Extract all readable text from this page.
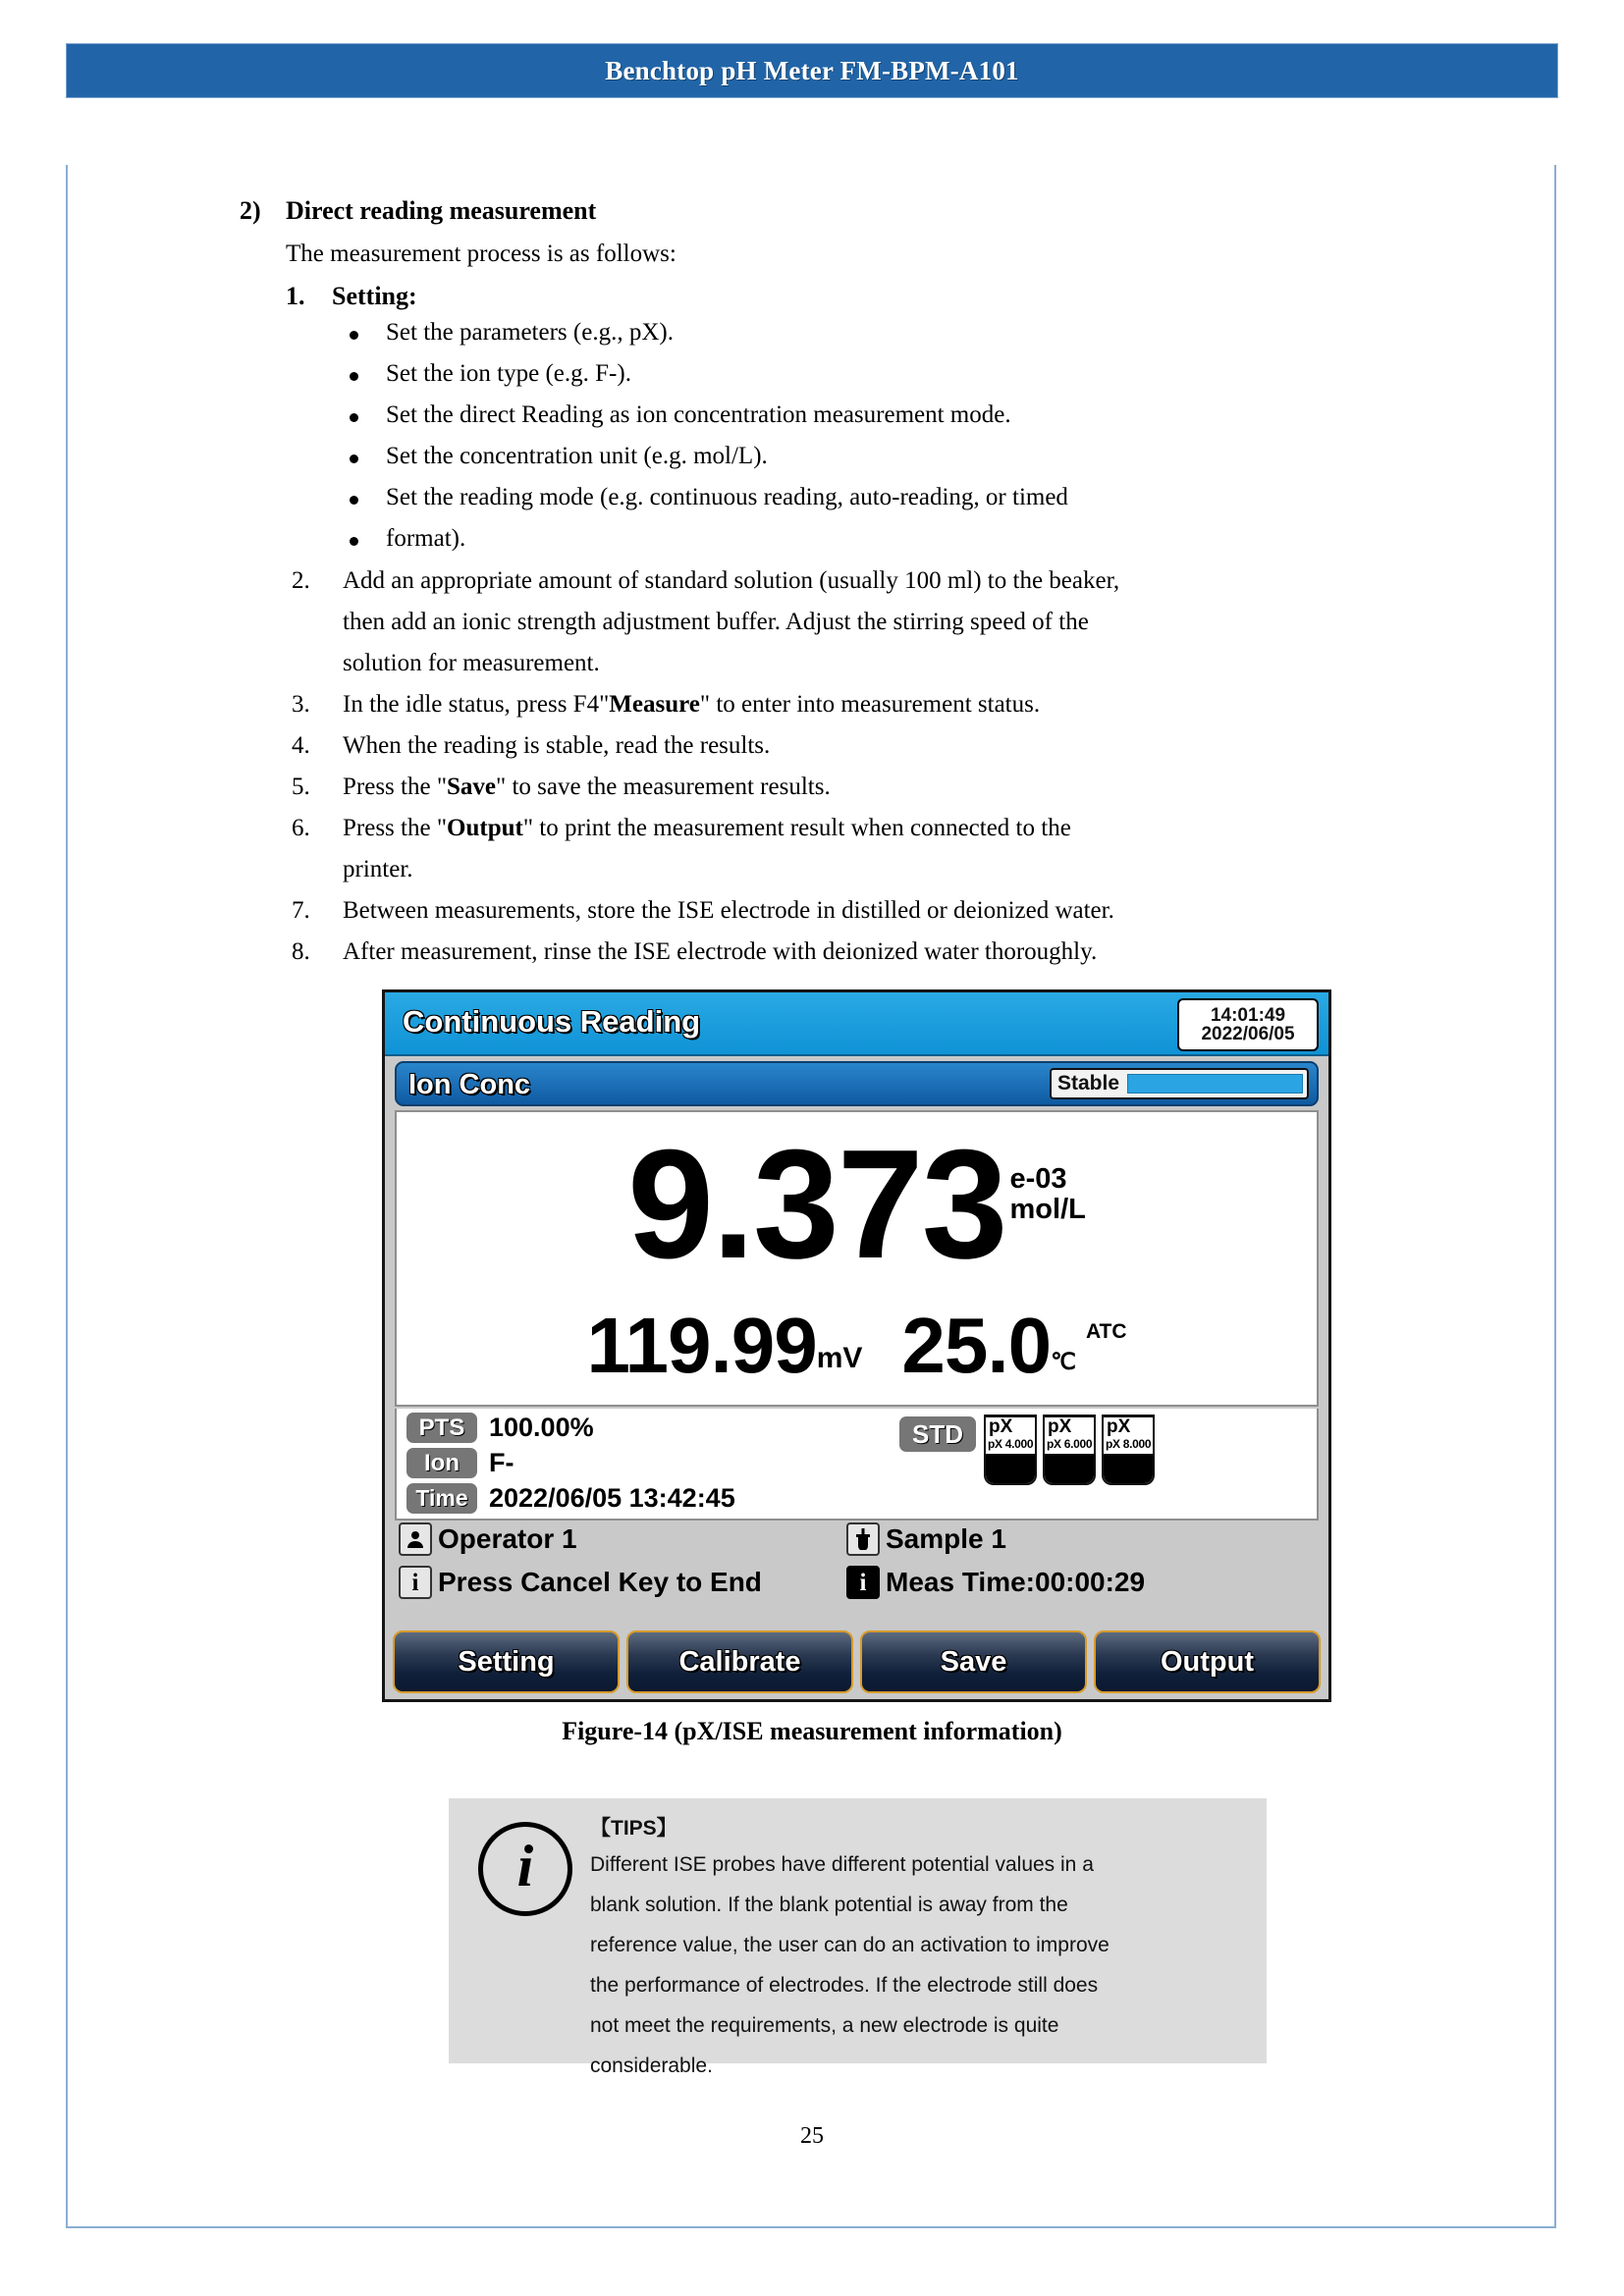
Benchtop pH Meter FM-BPM-A101
2) Direct reading measurement
The measurement process is as follows:
1. Setting:
Set the parameters (e.g., pX).
Set the ion type (e.g. F-).
Set the direct Reading as ion concentration measurement mode.
Set the concentration unit (e.g. mol/L).
Set the reading mode (e.g. continuous reading, auto-reading, or timed
format).
2. Add an appropriate amount of standard solution (usually 100 ml) to the beaker,
then add an ionic strength adjustment buffer. Adjust the stirring speed of the
solution for measurement.
3. In the idle status, press F4"Measure" to enter into measurement status.
4. When the reading is stable, read the results.
5. Press the "Save" to save the measurement results.
6. Press the "Output" to print the measurement result when connected to the
printer.
7. Between measurements, store the ISE electrode in distilled or deionized water.
8. After measurement, rinse the ISE electrode with deionized water thoroughly.
Continuous Reading	14:01:49
2022/06/05
Ion Conc	Stable
9.373 e-03
mol/L
119.99 mV 25.0 ℃
ATC
PTS 100.00%
Ion	F-
Time 2022/06/05 13:42:45
STD	pX
pX 4.000
pX
pX 6.000
pX
pX 8.000
Operator 1	Sample 1
i Press Cancel Key to End	i Meas Time:00:00:29
Setting	Calibrate	Save	Output
Figure-14 (pX/ISE measurement information)
i
【TIPS】
Different ISE probes have different potential values in a
blank solution. If the blank potential is away from the
reference value, the user can do an activation to improve
the performance of electrodes. If the electrode still does
not meet the requirements, a new electrode is quite
considerable.
25
